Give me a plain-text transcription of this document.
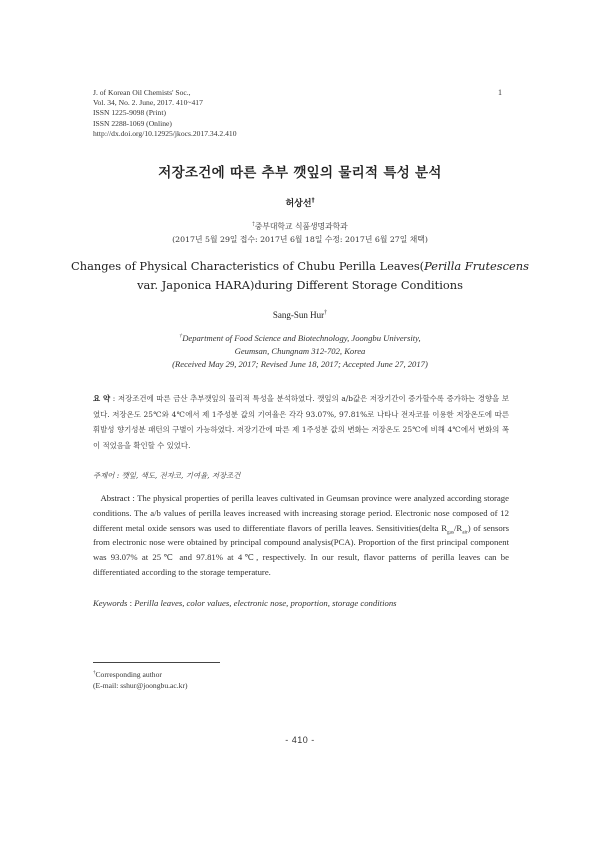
J. of Korean Oil Chemists' Soc.,
Vol. 34, No. 2. June, 2017. 410~417
ISSN 1225-9098 (Print)
ISSN 2288-1069 (Online)
http://dx.doi.org/10.12925/jkocs.2017.34.2.410
1
저장조건에 따른 추부 깻잎의 물리적 특성 분석
허상선†
†중부대학교 식품생명과학과
(2017년 5월 29일 접수: 2017년 6월 18일 수정: 2017년 6월 27일 채택)
Changes of Physical Characteristics of Chubu Perilla Leaves(Perilla Frutescens var. Japonica HARA)during Different Storage Conditions
Sang-Sun Hur†
†Department of Food Science and Biotechnology, Joongbu University,
Geumsan, Chungnam 312-702, Korea
(Received May 29, 2017; Revised June 18, 2017; Accepted June 27, 2017)
요 약 : 저장조건에 따른 금산 추부깻잎의 물리적 특성을 분석하였다. 깻잎의 a/b값은 저장기간이 증가할수록 증가하는 경향을 보였다. 저장온도 25℃와 4℃에서 제 1주성분 값의 기여율은 각각 93.07%, 97.81%로 나타나 전자코를 이용한 저장온도에 따른 휘발성 향기성분 패턴의 구별이 가능하였다. 저장기간에 따른 제 1주성분 값의 변화는 저장온도 25℃에 비해 4℃에서 변화의 폭이 적었음을 확인할 수 있었다.
주제어 : 깻잎, 색도, 전자코, 기여율, 저장조건
Abstract : The physical properties of perilla leaves cultivated in Geumsan province were analyzed according storage conditions. The a/b values of perilla leaves increased with increasing storage period. Electronic nose composed of 12 different metal oxide sensors was used to differentiate flavors of perilla leaves. Sensitivities(delta $R_{gas}/R_{air}$) of sensors from electronic nose were obtained by principal compound analysis(PCA). Proportion of the first principal component was 93.07% at 25℃ and 97.81% at 4℃, respectively. In our result, flavor patterns of perilla leaves can be differentiated according to the storage temperature.
Keywords : Perilla leaves, color values, electronic nose, proportion, storage conditions
†Corresponding author
(E-mail: sshur@joongbu.ac.kr)
- 410 -
